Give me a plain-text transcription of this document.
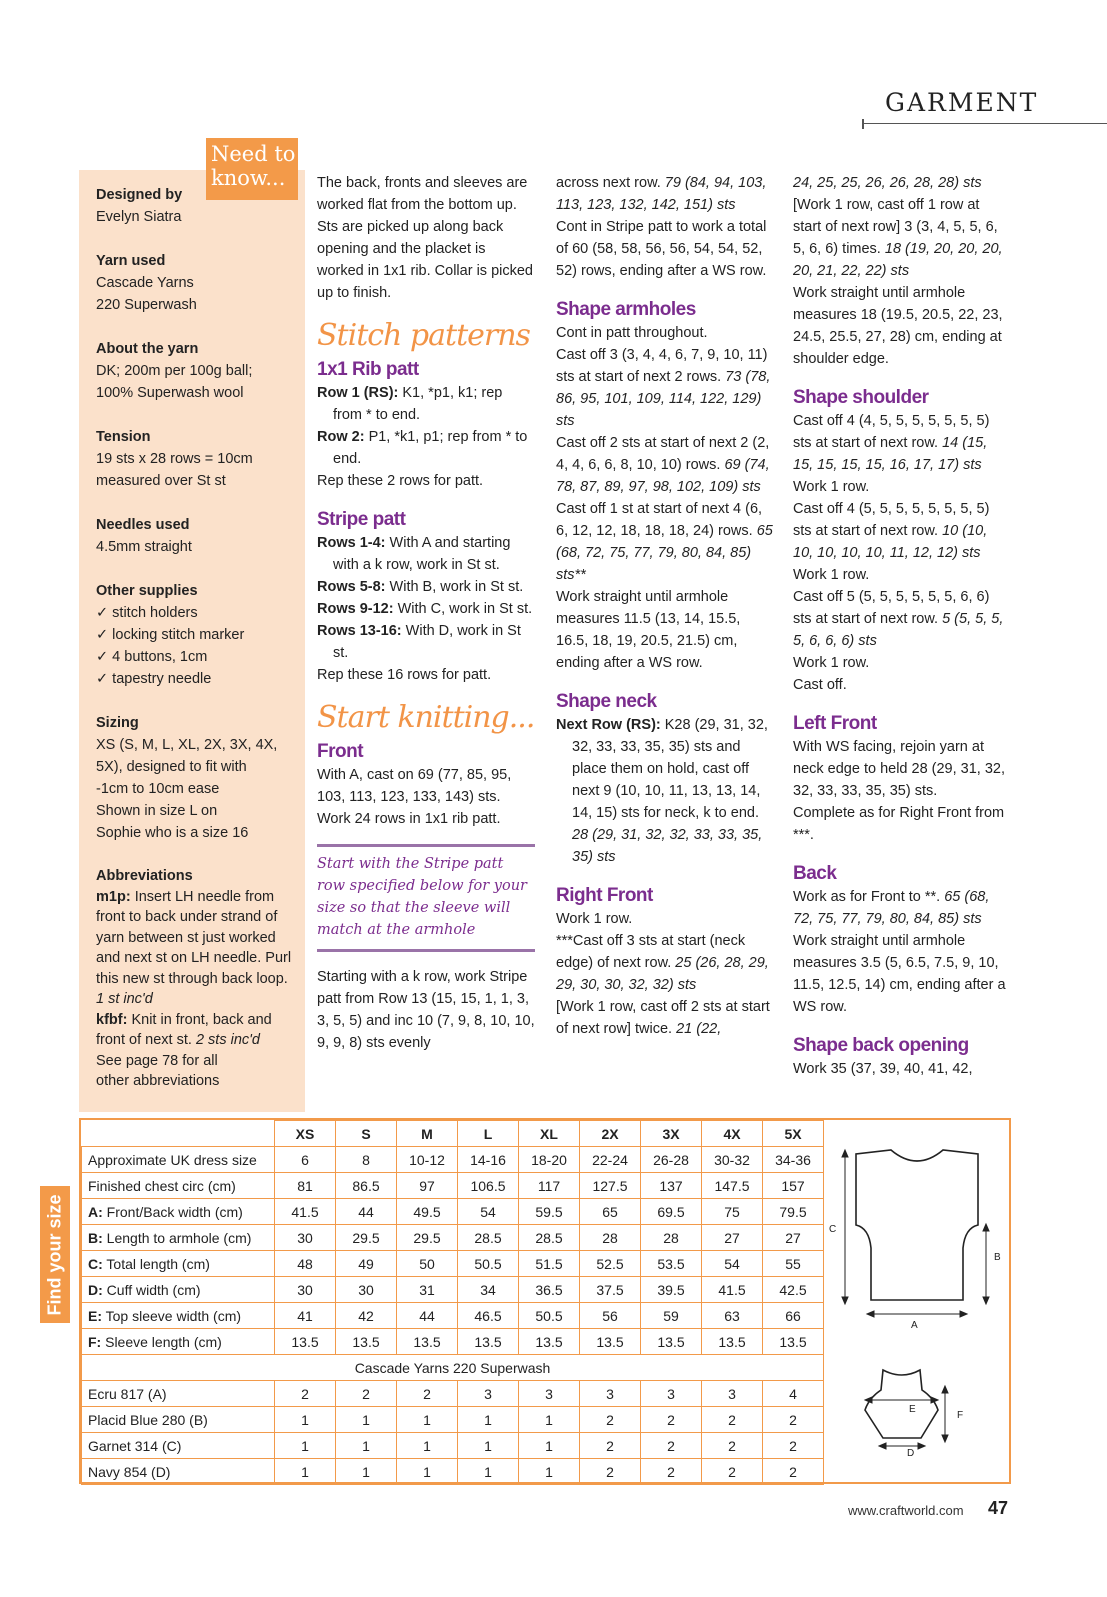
GARMENT
Designed by

Evelyn Siatra

Yarn used

Cascade Yarns
220 Superwash

About the yarn

DK; 200m per 100g ball;
100% Superwash wool

Tension

19 sts x 28 rows = 10cm
measured over St st

Needles used

4.5mm straight

Other supplies

✓ stitch holders
✓ locking stitch marker
✓ 4 buttons, 1cm
✓ tapestry needle

Sizing

XS (S, M, L, XL, 2X, 3X, 4X,
5X), designed to fit with
-1cm to 10cm ease
Shown in size L on
Sophie who is a size 16

Abbreviations
m1p: Insert LH needle from front to back under strand of yarn between st just worked and next st on LH needle. Purl this new st through back loop. 1 st inc'd
kfbf: Knit in front, back and front of next st. 2 sts inc'd
See page 78 for all
other abbreviations
Need to know...	The back, fronts and sleeves are worked flat from the bottom up. Sts are picked up along back opening and the placket is worked in 1x1 rib. Collar is picked up to finish.

Stitch patterns
1x1 Rib patt

Row 1 (RS): K1, *p1, k1; rep from * to end.

Row 2: P1, *k1, p1; rep from * to end.

Rep these 2 rows for patt.

Stripe patt

Rows 1-4: With A and starting with a k row, work in St st.

Rows 5-8: With B, work in St st.

Rows 9-12: With C, work in St st.

Rows 13-16: With D, work in St st.

Rep these 16 rows for patt.

Start knitting...
Front

With A, cast on 69 (77, 85, 95, 103, 113, 123, 133, 143) sts.

Work 24 rows in 1x1 rib patt.

Start with the Stripe patt row specified below for your size so that the sleeve will match at the armhole

Starting with a k row, work Stripe patt from Row 13 (15, 15, 1, 1, 3, 3, 5, 5) and inc 10 (7, 9, 8, 10, 10, 9, 9, 8) sts evenly

across next row. 79 (84, 94, 103, 113, 123, 132, 142, 151) sts

Cont in Stripe patt to work a total of 60 (58, 58, 56, 56, 54, 54, 52, 52) rows, ending after a WS row.

Shape armholes

Cont in patt throughout.

Cast off 3 (3, 4, 4, 6, 7, 9, 10, 11) sts at start of next 2 rows. 73 (78, 86, 95, 101, 109, 114, 122, 129) sts

Cast off 2 sts at start of next 2 (2, 4, 4, 6, 6, 8, 10, 10) rows. 69 (74, 78, 87, 89, 97, 98, 102, 109) sts

Cast off 1 st at start of next 4 (6, 6, 12, 12, 18, 18, 18, 24) rows. 65 (68, 72, 75, 77, 79, 80, 84, 85) sts**

Work straight until armhole measures 11.5 (13, 14, 15.5, 16.5, 18, 19, 20.5, 21.5) cm, ending after a WS row.

Shape neck

Next Row (RS): K28 (29, 31, 32, 32, 33, 33, 35, 35) sts and place them on hold, cast off next 9 (10, 10, 11, 13, 13, 14, 14, 15) sts for neck, k to end. 28 (29, 31, 32, 32, 33, 33, 35, 35) sts

Right Front

Work 1 row.

***Cast off 3 sts at start (neck edge) of next row. 25 (26, 28, 29, 29, 30, 30, 32, 32) sts

[Work 1 row, cast off 2 sts at start of next row] twice. 21 (22,

24, 25, 25, 26, 26, 28, 28) sts

[Work 1 row, cast off 1 row at start of next row] 3 (3, 4, 5, 5, 6, 5, 6, 6) times. 18 (19, 20, 20, 20, 20, 21, 22, 22) sts

Work straight until armhole measures 18 (19.5, 20.5, 22, 23, 24.5, 25.5, 27, 28) cm, ending at shoulder edge.

Shape shoulder

Cast off 4 (4, 5, 5, 5, 5, 5, 5, 5) sts at start of next row. 14 (15, 15, 15, 15, 15, 16, 17, 17) sts

Work 1 row.

Cast off 4 (5, 5, 5, 5, 5, 5, 5, 5) sts at start of next row. 10 (10, 10, 10, 10, 10, 11, 12, 12) sts

Work 1 row.

Cast off 5 (5, 5, 5, 5, 5, 5, 6, 6) sts at start of next row. 5 (5, 5, 5, 5, 6, 6, 6) sts

Work 1 row.

Cast off.

Left Front

With WS facing, rejoin yarn at neck edge to held 28 (29, 31, 32, 32, 33, 33, 35, 35) sts.

Complete as for Right Front from ***.

Back

Work as for Front to **. 65 (68, 72, 75, 77, 79, 80, 84, 85) sts

Work straight until armhole measures 3.5 (5, 6.5, 7.5, 9, 10, 11.5, 12.5, 14) cm, ending after a WS row.

Shape back opening

Work 35 (37, 39, 40, 41, 42,

Find your size
	XS	S	M	L	XL	2X	3X	4X	5X
Approximate UK dress size	6	8	10-12	14-16	18-20	22-24	26-28	30-32	34-36
Finished chest circ (cm)	81	86.5	97	106.5	117	127.5	137	147.5	157
A: Front/Back width (cm)	41.5	44	49.5	54	59.5	65	69.5	75	79.5
B: Length to armhole (cm)	30	29.5	29.5	28.5	28.5	28	28	27	27
C: Total length (cm)	48	49	50	50.5	51.5	52.5	53.5	54	55
D: Cuff width (cm)	30	30	31	34	36.5	37.5	39.5	41.5	42.5
E: Top sleeve width (cm)	41	42	44	46.5	50.5	56	59	63	66
F: Sleeve length (cm)	13.5	13.5	13.5	13.5	13.5	13.5	13.5	13.5	13.5
Cascade Yarns 220 Superwash									
Ecru 817 (A)	2	2	2	3	3	3	3	3	4
Placid Blue 280 (B)	1	1	1	1	1	2	2	2	2
Garnet 314 (C)	1	1	1	1	1	2	2	2	2
Navy 854 (D)	1	1	1	1	1	2	2	2	2
C
B
A
E
F
D
www.craftworld.com 47
